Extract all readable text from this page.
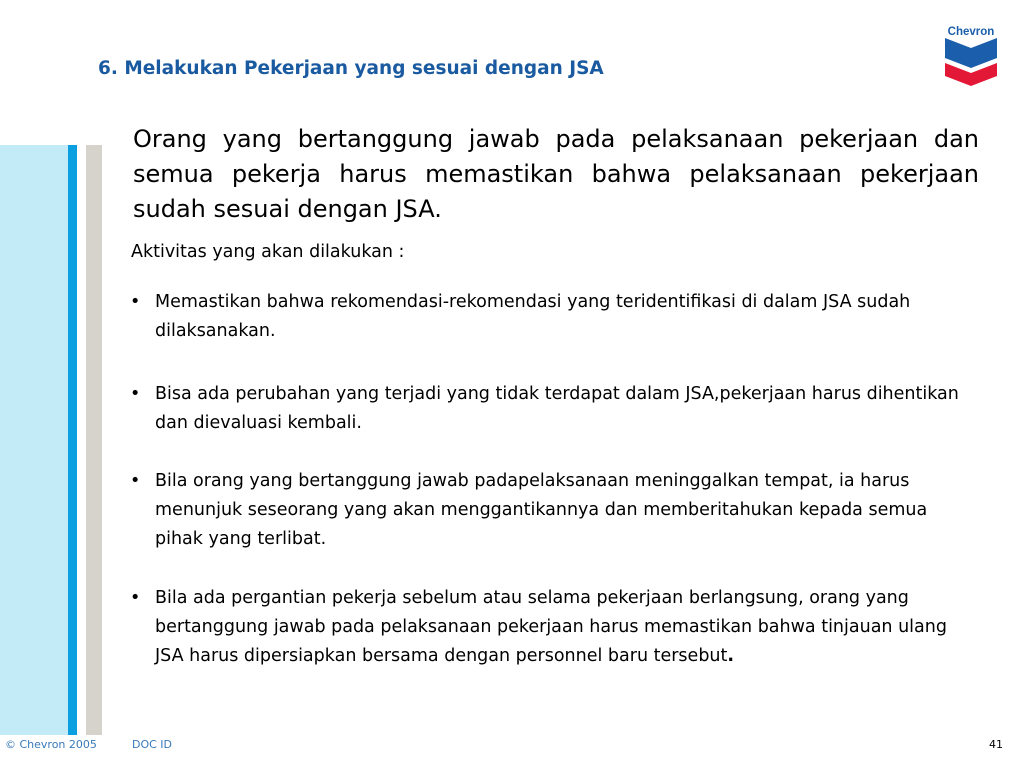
Chevron
6. Melakukan Pekerjaan yang sesuai dengan JSA

Orang yang bertanggung jawab pada pelaksanaan pekerjaan dan semua pekerja harus memastikan bahwa pelaksanaan pekerjaan sudah sesuai dengan JSA.

Aktivitas yang akan dilakukan :

• Memastikan bahwa rekomendasi-rekomendasi yang teridentifikasi di dalam JSA sudah dilaksanakan.
• Bisa ada perubahan yang terjadi yang tidak terdapat dalam JSA,pekerjaan harus dihentikan dan dievaluasi kembali.
• Bila orang yang bertanggung jawab padapelaksanaan meninggalkan tempat, ia harus menunjuk seseorang yang akan menggantikannya dan memberitahukan kepada semua pihak yang terlibat.
• Bila ada pergantian pekerja sebelum atau selama pekerjaan berlangsung, orang yang bertanggung jawab pada pelaksanaan pekerjaan harus memastikan bahwa tinjauan ulang JSA harus dipersiapkan bersama dengan personnel baru tersebut.
© Chevron 2005	DOC ID	41
